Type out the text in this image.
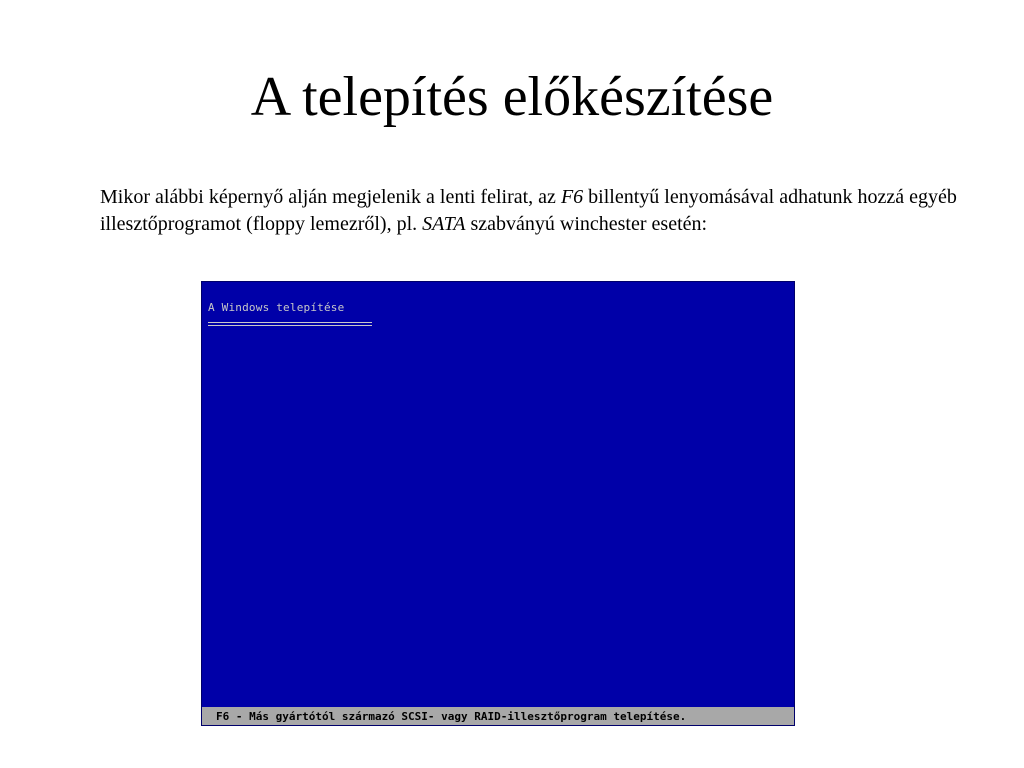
A telepítés előkészítése

Mikor alábbi képernyő alján megjelenik a lenti felirat, az F6 billentyű lenyomásával adhatunk hozzá egyéb illesztőprogramot (floppy lemezről), pl. SATA szabványú winchester esetén:

A Windows telepítése
F6 - Más gyártótól származó SCSI- vagy RAID-illesztőprogram telepítése.
